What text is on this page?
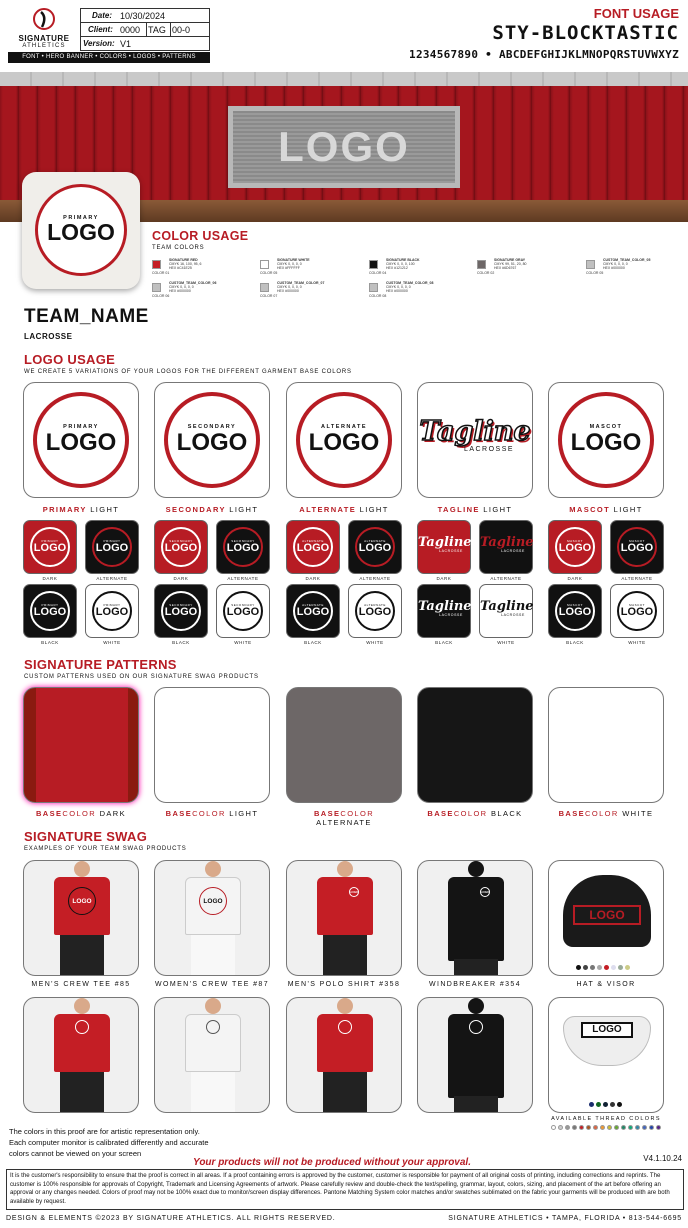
SIGNATURE
ATHLETICS
Date: 10/30/2024
Client: 0000 TAG 00-0
Version: V1
FONT • HERO BANNER • COLORS • LOGOS • PATTERNS
FONT USAGE
STY-BLOCKTASTIC
1234567890 • ABCDEFGHIJKLMNOPQRSTUVWXYZ
LOGO
PRIMARY
LOGO	COLOR USAGE
TEAM COLORS
SIGNATURE RED
CMYK 16, 100, 95, 6
HEX #C41E25
COLOR 01
SIGNATURE WHITE
CMYK 0, 0, 0, 0
HEX #FFFFFF
COLOR 05
SIGNATURE BLACK
CMYK 0, 0, 0, 100
HEX #121212
COLOR 04
SIGNATURE GRAY
CMYK 99, 51, 20, 80
HEX #6D6767
COLOR 02
CUSTOM_TEAM_COLOR_05
CMYK 0, 0, 0, 0
HEX #000000
COLOR 05
CUSTOM_TEAM_COLOR_06
CMYK 0, 0, 0, 0
HEX #000000
COLOR 06
CUSTOM_TEAM_COLOR_07
CMYK 0, 0, 0, 0
HEX #000000
COLOR 07
CUSTOM_TEAM_COLOR_08
CMYK 0, 0, 0, 0
HEX #000000
COLOR 08
TEAM_NAME
LACROSSE
LOGO USAGE
WE CREATE 5 VARIATIONS OF YOUR LOGOS FOR THE DIFFERENT GARMENT BASE COLORS
PRIMARY
LOGO
PRIMARY LIGHT
PRIMARY
LOGO
DARK
PRIMARY
LOGO
ALTERNATE
PRIMARY
LOGO
BLACK
PRIMARY
LOGO
WHITE
SECONDARY
LOGO
SECONDARY LIGHT
SECONDARY
LOGO
DARK
SECONDARY
LOGO
ALTERNATE
SECONDARY
LOGO
BLACK
SECONDARY
LOGO
WHITE
ALTERNATE
LOGO
ALTERNATE LIGHT
ALTERNATE
LOGO
DARK
ALTERNATE
LOGO
ALTERNATE
ALTERNATE
LOGO
BLACK
ALTERNATE
LOGO
WHITE
Tagline
LACROSSE
TAGLINE LIGHT
Tagline
LACROSSE
DARK
Tagline
LACROSSE
ALTERNATE
Tagline
LACROSSE
BLACK
Tagline
LACROSSE
WHITE
MASCOT
LOGO
MASCOT LIGHT
MASCOT
LOGO
DARK
MASCOT
LOGO
ALTERNATE
MASCOT
LOGO
BLACK
MASCOT
LOGO
WHITE
SIGNATURE PATTERNS
CUSTOM PATTERNS USED ON OUR SIGNATURE SWAG PRODUCTS
BASECOLOR DARK	BASECOLOR LIGHT	BASECOLOR ALTERNATE
BASECOLOR BLACK	BASECOLOR WHITE
SIGNATURE SWAG
EXAMPLES OF YOUR TEAM SWAG PRODUCTS
LOGO
MEN'S CREW TEE #85
LOGO
WOMEN'S CREW TEE #87
LOGO
MEN'S POLO SHIRT #358
LOGO
WINDBREAKER #354
LOGO
LOGO
HAT & VISOR
AVAILABLE THREAD COLORS
The colors in this proof are for artistic representation only.
Each computer monitor is calibrated differently and accurate
colors cannot be viewed on your screen
Your products will not be produced without your approval.	V4.1.10.24
It is the customer's responsibility to ensure that the proof is correct in all areas. If a proof containing errors is approved by the customer, customer is responsible for payment of all original costs of printing, including corrections and reprints. The customer is 100% responsible for approvals of Copyright, Trademark and Licensing Agreements of artwork. Please carefully review and double-check the text/spelling, grammar, layout, colors, sizing, and placement of the art before offering an approval or any changes needed. Colors of proof may not be 100% exact due to monitor/screen display differences. Pantone Matching System color matches and/or swatches sublimated on the fabric your garments will be produced with are both available by request.
DESIGN & ELEMENTS ©2023 BY SIGNATURE ATHLETICS. ALL RIGHTS RESERVED.	SIGNATURE ATHLETICS • TAMPA, FLORIDA • 813-544-6695
